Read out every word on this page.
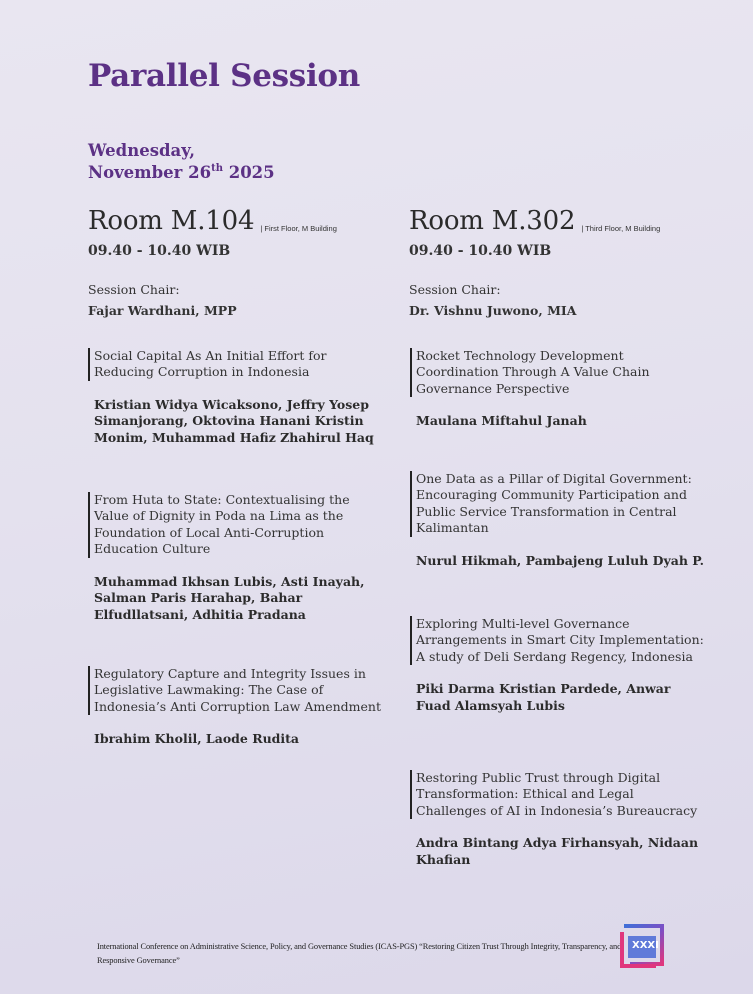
Parallel Session
Wednesday,
November 26th 2025
Room M.104 | First Floor, M Building
09.40 - 10.40 WIB
Session Chair:
Fajar Wardhani, MPP
Social Capital As An Initial Effort for Reducing Corruption in Indonesia
Kristian Widya Wicaksono, Jeffry Yosep Simanjorang, Oktovina Hanani Kristin Monim, Muhammad Hafiz Zhahirul Haq
From Huta to State: Contextualising the Value of Dignity in Poda na Lima as the Foundation of Local Anti-Corruption Education Culture
Muhammad Ikhsan Lubis, Asti Inayah, Salman Paris Harahap, Bahar Elfudllatsani, Adhitia Pradana
Regulatory Capture and Integrity Issues in Legislative Lawmaking: The Case of Indonesia’s Anti Corruption Law Amendment
Ibrahim Kholil, Laode Rudita
Room M.302 | Third Floor, M Building
09.40 - 10.40 WIB
Session Chair:
Dr. Vishnu Juwono, MIA
Rocket Technology Development Coordination Through A Value Chain Governance Perspective
Maulana Miftahul Janah
One Data as a Pillar of Digital Government: Encouraging Community Participation and Public Service Transformation in Central Kalimantan
Nurul Hikmah, Pambajeng Luluh Dyah P.
Exploring Multi-level Governance Arrangements in Smart City Implementation: A study of Deli Serdang Regency, Indonesia
Piki Darma Kristian Pardede, Anwar Fuad Alamsyah Lubis
Restoring Public Trust through Digital Transformation: Ethical and Legal Challenges of AI in Indonesia’s Bureaucracy
Andra Bintang Adya Firhansyah, Nidaan Khafian
International Conference on Administrative Science, Policy, and Governance Studies (ICAS-PGS) “Restoring Citizen Trust Through Integrity, Transparency, and Responsive Governance”
XXXI
